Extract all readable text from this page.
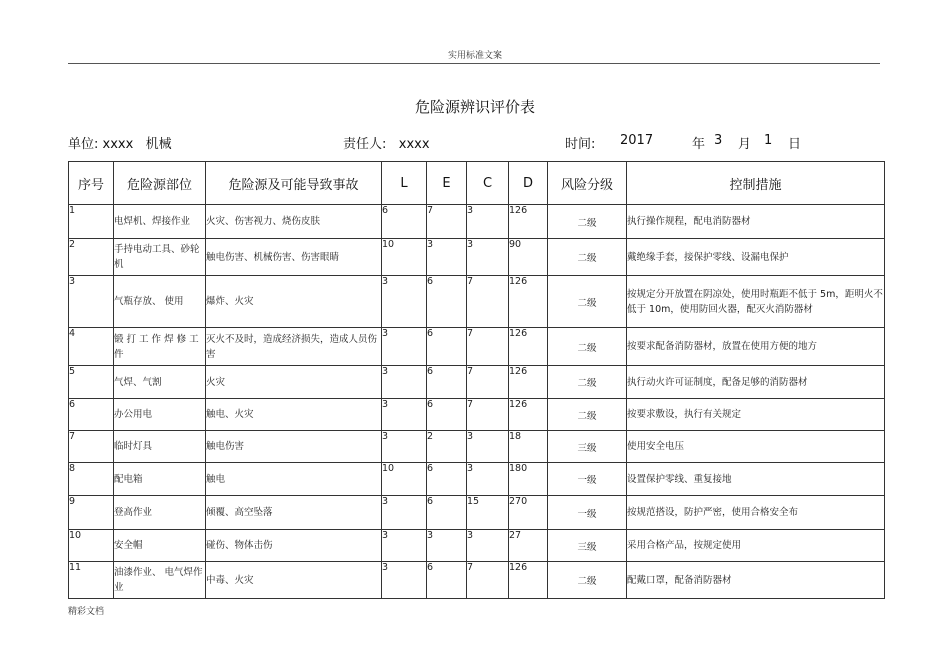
实用标准文案
危险源辨识评价表
单位: xxxx   机械	责任人:   xxxx	时间: 2017	年 3 月 1 日
序号	危险源部位	危险源及可能导致事故	L	E	C	D	风险分级	控制措施
1	电焊机、焊接作业	火灾、伤害视力、烧伤皮肤	6	7	3	126	二级	执行操作规程，配电消防器材
2	手持电动工具、砂轮机	触电伤害、机械伤害、伤害眼睛	10	3	3	90	二级	戴绝缘手套，接保护零线、设漏电保护
3	气瓶存放、 使用	爆炸、火灾	3	6	7	126	二级	按规定分开放置在阴凉处，使用时瓶距不低于 5m，距明火不低于 10m，使用防回火器，配灭火消防器材
4	锻 打 工 作 焊 修 工件	灭火不及时，造成经济损失，造成人员伤害	3	6	7	126	二级	按要求配备消防器材，放置在使用方便的地方
5	气焊、气割	火灾	3	6	7	126	二级	执行动火许可证制度，配备足够的消防器材
6	办公用电	触电、火灾	3	6	7	126	二级	按要求敷设，执行有关规定
7	临时灯具	触电伤害	3	2	3	18	三级	使用安全电压
8	配电箱	触电	10	6	3	180	一级	设置保护零线、重复接地
9	登高作业	倾覆、高空坠落	3	6	15	270	一级	按规范搭设，防护严密，使用合格安全布
10	安全帽	碰伤、物体击伤	3	3	3	27	三级	采用合格产品，按规定使用
11	油漆作业、 电气焊作业	中毒、火灾	3	6	7	126	二级	配戴口罩，配备消防器材
精彩文档
